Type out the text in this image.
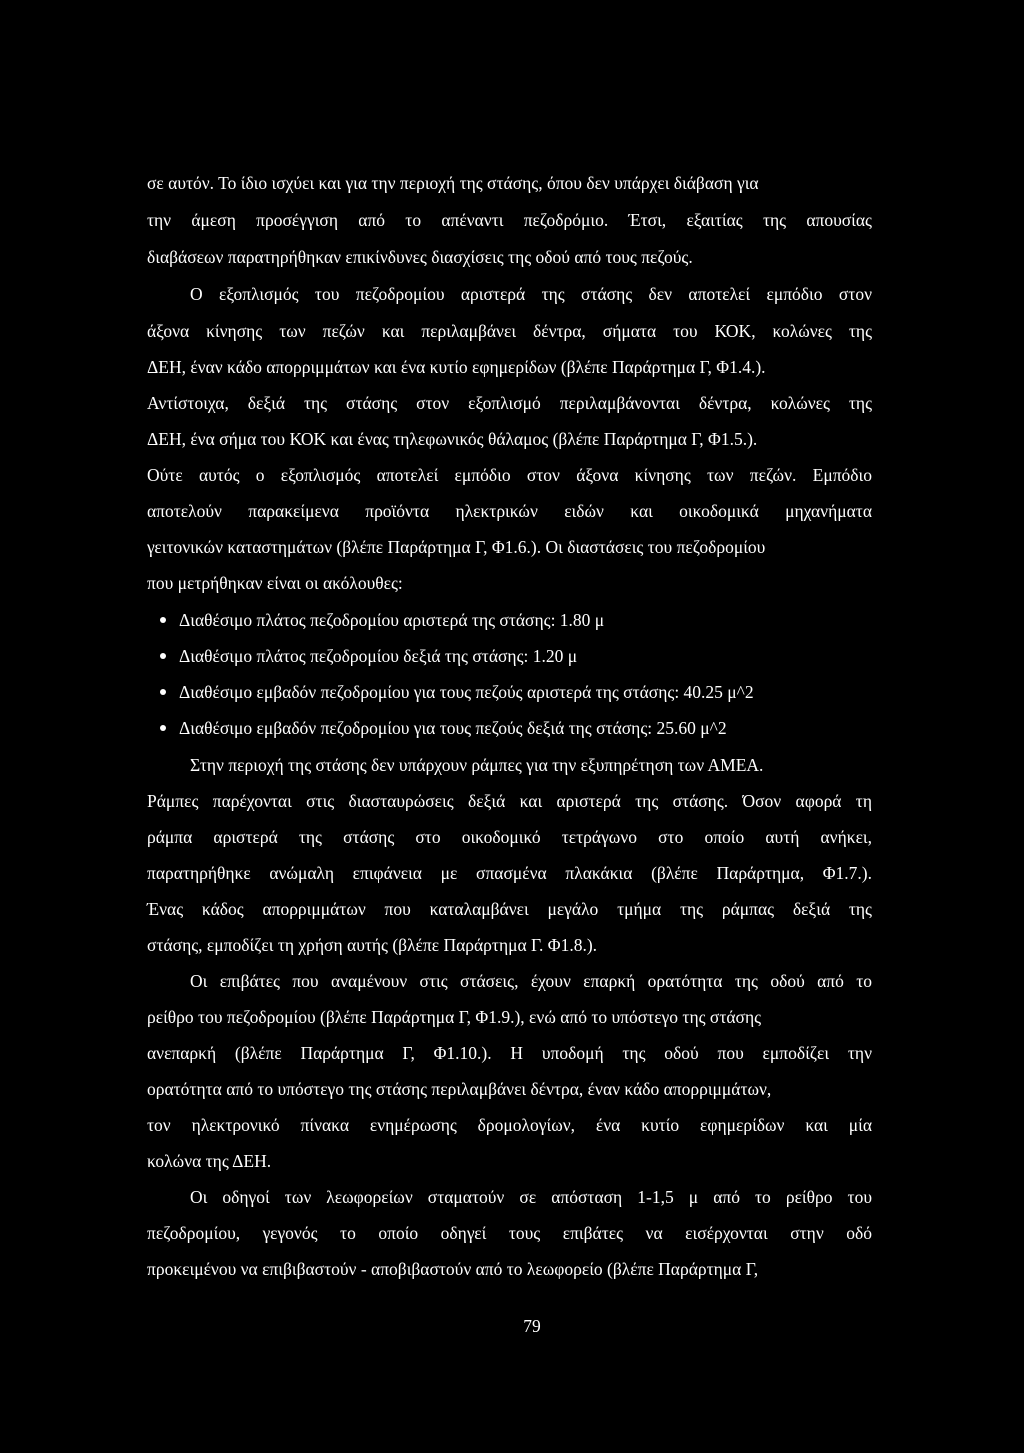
σε αυτόν. Το ίδιο ισχύει και για την περιοχή της στάσης, όπου δεν υπάρχει διάβαση για
την άμεση προσέγγιση από το απέναντι πεζοδρόμιο. Έτσι, εξαιτίας της απουσίας
διαβάσεων παρατηρήθηκαν επικίνδυνες διασχίσεις της οδού από τους πεζούς.
Ο εξοπλισμός του πεζοδρομίου αριστερά της στάσης δεν αποτελεί εμπόδιο στον
άξονα κίνησης των πεζών και περιλαμβάνει δέντρα, σήματα του ΚΟΚ, κολώνες της
ΔΕΗ, έναν κάδο απορριμμάτων και ένα κυτίο εφημερίδων (βλέπε Παράρτημα Γ, Φ1.4.).
Αντίστοιχα, δεξιά της στάσης στον εξοπλισμό περιλαμβάνονται δέντρα, κολώνες της
ΔΕΗ, ένα σήμα του ΚΟΚ και ένας τηλεφωνικός θάλαμος (βλέπε Παράρτημα Γ, Φ1.5.).
Ούτε αυτός ο εξοπλισμός αποτελεί εμπόδιο στον άξονα κίνησης των πεζών. Εμπόδιο
αποτελούν παρακείμενα προϊόντα ηλεκτρικών ειδών και οικοδομικά μηχανήματα
γειτονικών καταστημάτων (βλέπε Παράρτημα Γ, Φ1.6.). Οι διαστάσεις του πεζοδρομίου
που μετρήθηκαν είναι οι ακόλουθες:
Διαθέσιμο πλάτος πεζοδρομίου αριστερά της στάσης: 1.80 μ
Διαθέσιμο πλάτος πεζοδρομίου δεξιά της στάσης: 1.20 μ
Διαθέσιμο εμβαδόν πεζοδρομίου για τους πεζούς αριστερά της στάσης: 40.25 μ^2
Διαθέσιμο εμβαδόν πεζοδρομίου για τους πεζούς δεξιά της στάσης: 25.60 μ^2
Στην περιοχή της στάσης δεν υπάρχουν ράμπες για την εξυπηρέτηση των ΑΜΕΑ.
Ράμπες παρέχονται στις διασταυρώσεις δεξιά και αριστερά της στάσης. Όσον αφορά τη
ράμπα αριστερά της στάσης στο οικοδομικό τετράγωνο στο οποίο αυτή ανήκει,
παρατηρήθηκε ανώμαλη επιφάνεια με σπασμένα πλακάκια (βλέπε Παράρτημα, Φ1.7.).
Ένας κάδος απορριμμάτων που καταλαμβάνει μεγάλο τμήμα της ράμπας δεξιά της
στάσης, εμποδίζει τη χρήση αυτής (βλέπε Παράρτημα Γ. Φ1.8.).
Οι επιβάτες που αναμένουν στις στάσεις, έχουν επαρκή ορατότητα της οδού από το
ρείθρο του πεζοδρομίου (βλέπε Παράρτημα Γ, Φ1.9.), ενώ από το υπόστεγο της στάσης
ανεπαρκή (βλέπε Παράρτημα Γ, Φ1.10.). Η υποδομή της οδού που εμποδίζει την
ορατότητα από το υπόστεγο της στάσης περιλαμβάνει δέντρα, έναν κάδο απορριμμάτων,
τον ηλεκτρονικό πίνακα ενημέρωσης δρομολογίων, ένα κυτίο εφημερίδων και μία
κολώνα της ΔΕΗ.
Οι οδηγοί των λεωφορείων σταματούν σε απόσταση 1-1,5 μ από το ρείθρο του
πεζοδρομίου, γεγονός το οποίο οδηγεί τους επιβάτες να εισέρχονται στην οδό
προκειμένου να επιβιβαστούν - αποβιβαστούν από το λεωφορείο (βλέπε Παράρτημα Γ,
79
